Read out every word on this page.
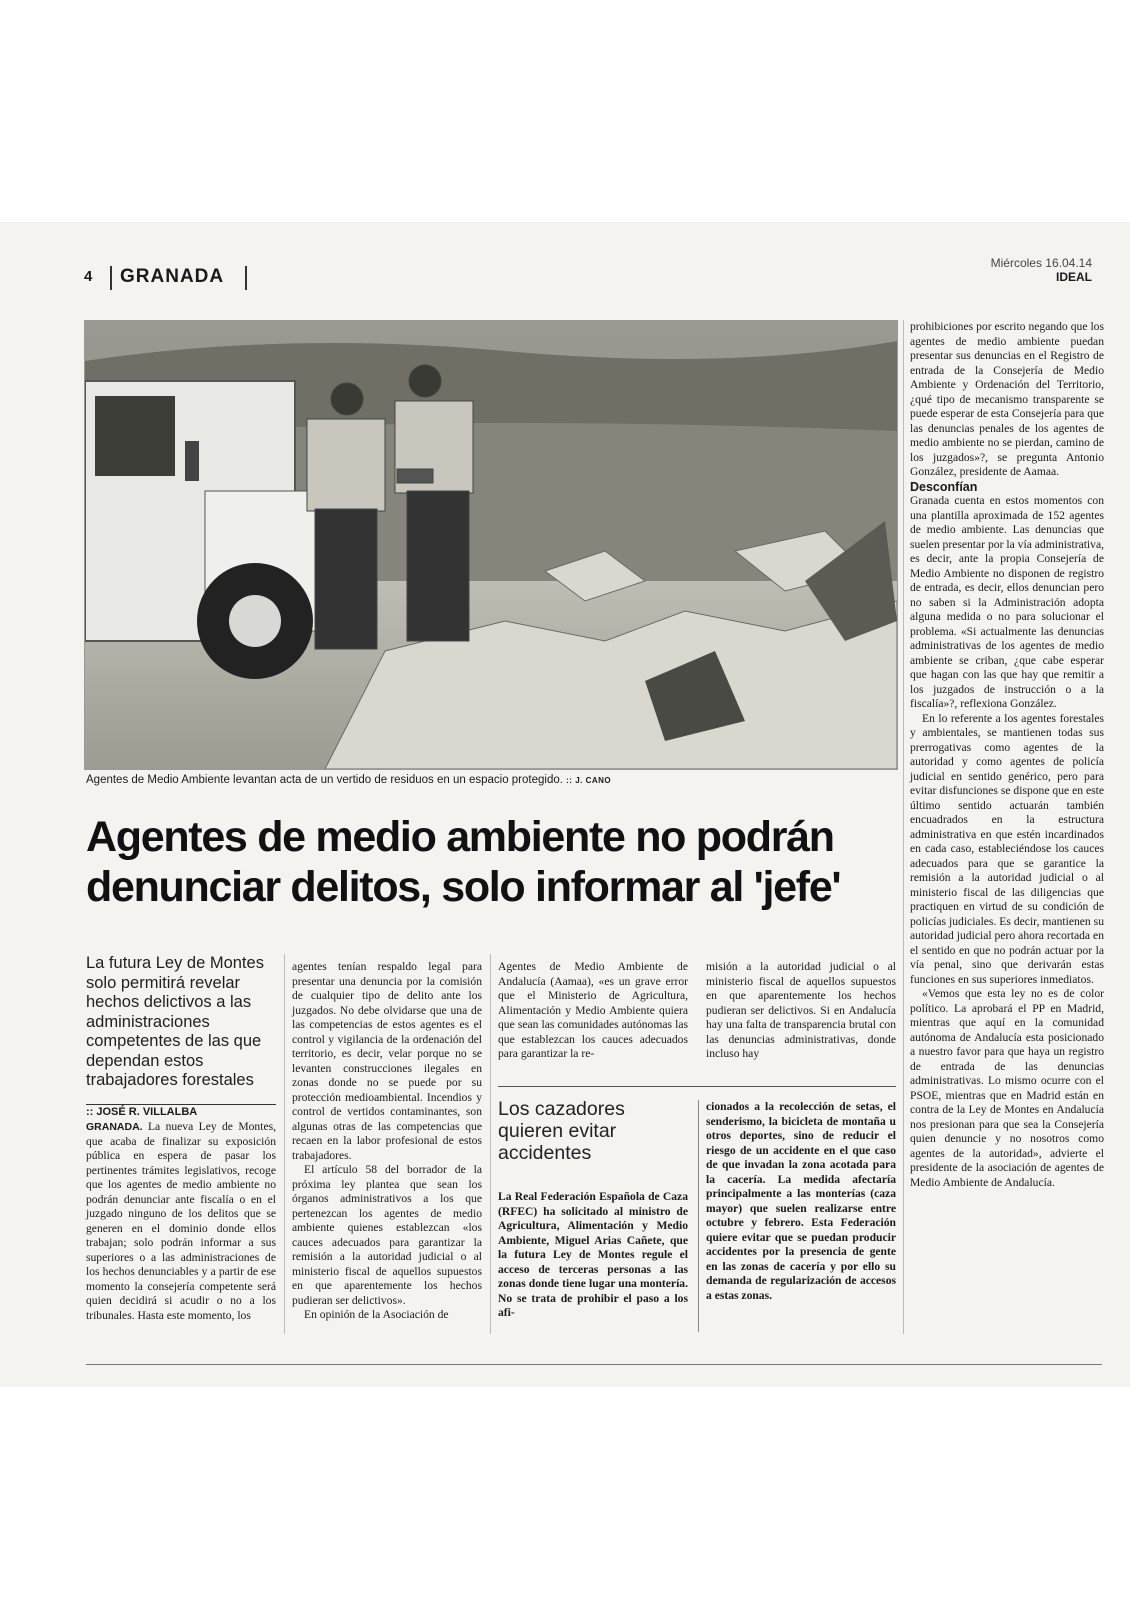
4 GRANADA
Miércoles 16.04.14
IDEAL
Agentes de Medio Ambiente levantan acta de un vertido de residuos en un espacio protegido. :: J. CANO
Agentes de medio ambiente no podrán denunciar delitos, solo informar al 'jefe'
La futura Ley de Montes solo permitirá revelar hechos delictivos a las administraciones competentes de las que dependan estos trabajadores forestales
:: JOSÉ R. VILLALBA

GRANADA. La nueva Ley de Montes, que acaba de finalizar su exposición pública en espera de pasar los pertinentes trámites legislativos, recoge que los agentes de medio ambiente no podrán denunciar ante fiscalía o en el juzgado ninguno de los delitos que se generen en el dominio donde ellos trabajan; solo podrán informar a sus superiores o a las administraciones de los hechos denunciables y a partir de ese momento la consejería competente será quien decidirá si acudir o no a los tribunales. Hasta este momento, los

agentes tenían respaldo legal para presentar una denuncia por la comisión de cualquier tipo de delito ante los juzgados. No debe olvidarse que una de las competencias de estos agentes es el control y vigilancia de la ordenación del territorio, es decir, velar porque no se levanten construcciones ilegales en zonas donde no se puede por su protección medioambiental. Incendios y control de vertidos contaminantes, son algunas otras de las competencias que recaen en la labor profesional de estos trabajadores.

El artículo 58 del borrador de la próxima ley plantea que sean los órganos administrativos a los que pertenezcan los agentes de medio ambiente quienes establezcan «los cauces adecuados para garantizar la remisión a la autoridad judicial o al ministerio fiscal de aquellos supuestos en que aparentemente los hechos pudieran ser delictivos».

En opinión de la Asociación de

Agentes de Medio Ambiente de Andalucía (Aamaa), «es un grave error que el Ministerio de Agricultura, Alimentación y Medio Ambiente quiera que sean las comunidades autónomas las que establezcan los cauces adecuados para garantizar la re-

misión a la autoridad judicial o al ministerio fiscal de aquellos supuestos en que aparentemente los hechos pudieran ser delictivos. Si en Andalucía hay una falta de transparencia brutal con las denuncias administrativas, donde incluso hay

prohibiciones por escrito negando que los agentes de medio ambiente puedan presentar sus denuncias en el Registro de entrada de la Consejería de Medio Ambiente y Ordenación del Territorio, ¿qué tipo de mecanismo transparente se puede esperar de esta Consejería para que las denuncias penales de los agentes de medio ambiente no se pierdan, camino de los juzgados»?, se pregunta Antonio González, presidente de Aamaa.

Desconfían

Granada cuenta en estos momentos con una plantilla aproximada de 152 agentes de medio ambiente. Las denuncias que suelen presentar por la vía administrativa, es decir, ante la propia Consejería de Medio Ambiente no disponen de registro de entrada, es decir, ellos denuncian pero no saben si la Administración adopta alguna medida o no para solucionar el problema. «Si actualmente las denuncias administrativas de los agentes de medio ambiente se criban, ¿que cabe esperar que hagan con las que hay que remitir a los juzgados de instrucción o a la fiscalía»?, reflexiona González.

En lo referente a los agentes forestales y ambientales, se mantienen todas sus prerrogativas como agentes de la autoridad y como agentes de policía judicial en sentido genérico, pero para evitar disfunciones se dispone que en este último sentido actuarán también encuadrados en la estructura administrativa en que estén incardinados en cada caso, estableciéndose los cauces adecuados para que se garantice la remisión a la autoridad judicial o al ministerio fiscal de las diligencias que practiquen en virtud de su condición de policías judiciales. Es decir, mantienen su autoridad judicial pero ahora recortada en el sentido en que no podrán actuar por la vía penal, sino que derivarán estas funciones en sus superiores inmediatos.

«Vemos que esta ley no es de color político. La aprobará el PP en Madrid, mientras que aquí en la comunidad autónoma de Andalucía esta posicionado a nuestro favor para que haya un registro de entrada de las denuncias administrativas. Lo mismo ocurre con el PSOE, mientras que en Madrid están en contra de la Ley de Montes en Andalucía nos presionan para que sea la Consejería quien denuncie y no nosotros como agentes de la autoridad», advierte el presidente de la asociación de agentes de Medio Ambiente de Andalucía.

Los cazadores quieren evitar accidentes

La Real Federación Española de Caza (RFEC) ha solicitado al ministro de Agricultura, Alimentación y Medio Ambiente, Miguel Arias Cañete, que la futura Ley de Montes regule el acceso de terceras personas a las zonas donde tiene lugar una montería. No se trata de prohibir el paso a los afi-

cionados a la recolección de setas, el senderismo, la bicicleta de montaña u otros deportes, sino de reducir el riesgo de un accidente en el que caso de que invadan la zona acotada para la cacería. La medida afectaría principalmente a las monterías (caza mayor) que suelen realizarse entre octubre y febrero. Esta Federación quiere evitar que se puedan producir accidentes por la presencia de gente en las zonas de cacería y por ello su demanda de regularización de accesos a estas zonas.
